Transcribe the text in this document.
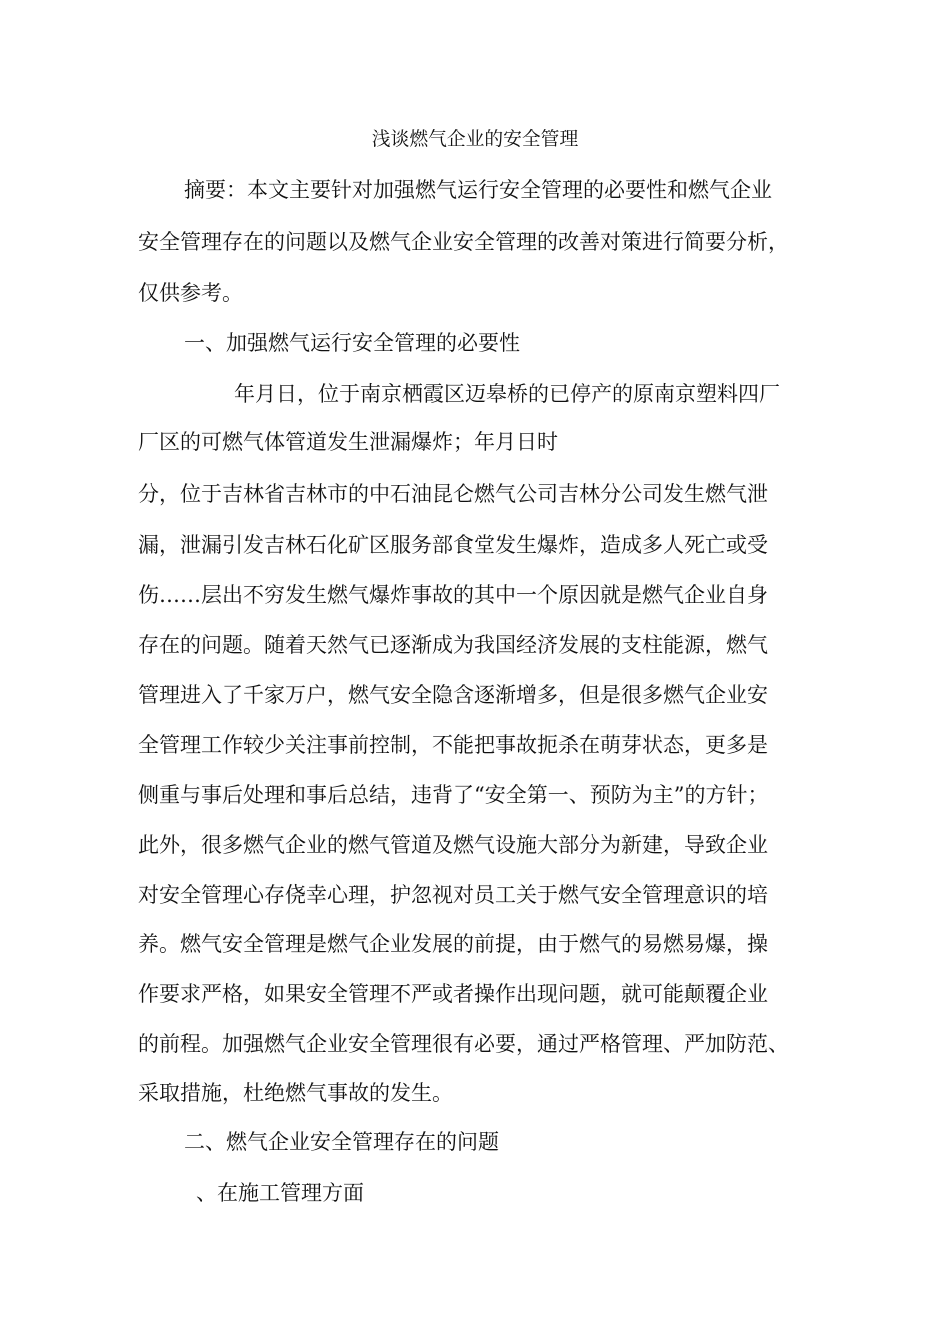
浅谈燃气企业的安全管理
摘要：本文主要针对加强燃气运行安全管理的必要性和燃气企业
安全管理存在的问题以及燃气企业安全管理的改善对策进行简要分析，
仅供参考。
一、加强燃气运行安全管理的必要性
年月日，位于南京栖霞区迈皋桥的已停产的原南京塑料四厂
厂区的可燃气体管道发生泄漏爆炸；年月日时
分，位于吉林省吉林市的中石油昆仑燃气公司吉林分公司发生燃气泄
漏，泄漏引发吉林石化矿区服务部食堂发生爆炸，造成多人死亡或受
伤……层出不穷发生燃气爆炸事故的其中一个原因就是燃气企业自身
存在的问题。随着天然气已逐渐成为我国经济发展的支柱能源，燃气
管理进入了千家万户，燃气安全隐含逐渐增多，但是很多燃气企业安
全管理工作较少关注事前控制，不能把事故扼杀在萌芽状态，更多是
侧重与事后处理和事后总结，违背了“安全第一、预防为主”的方针；
此外，很多燃气企业的燃气管道及燃气设施大部分为新建，导致企业
对安全管理心存侥幸心理，护忽视对员工关于燃气安全管理意识的培
养。燃气安全管理是燃气企业发展的前提，由于燃气的易燃易爆，操
作要求严格，如果安全管理不严或者操作出现问题，就可能颠覆企业
的前程。加强燃气企业安全管理很有必要，通过严格管理、严加防范、
采取措施，杜绝燃气事故的发生。
二、燃气企业安全管理存在的问题
、在施工管理方面
